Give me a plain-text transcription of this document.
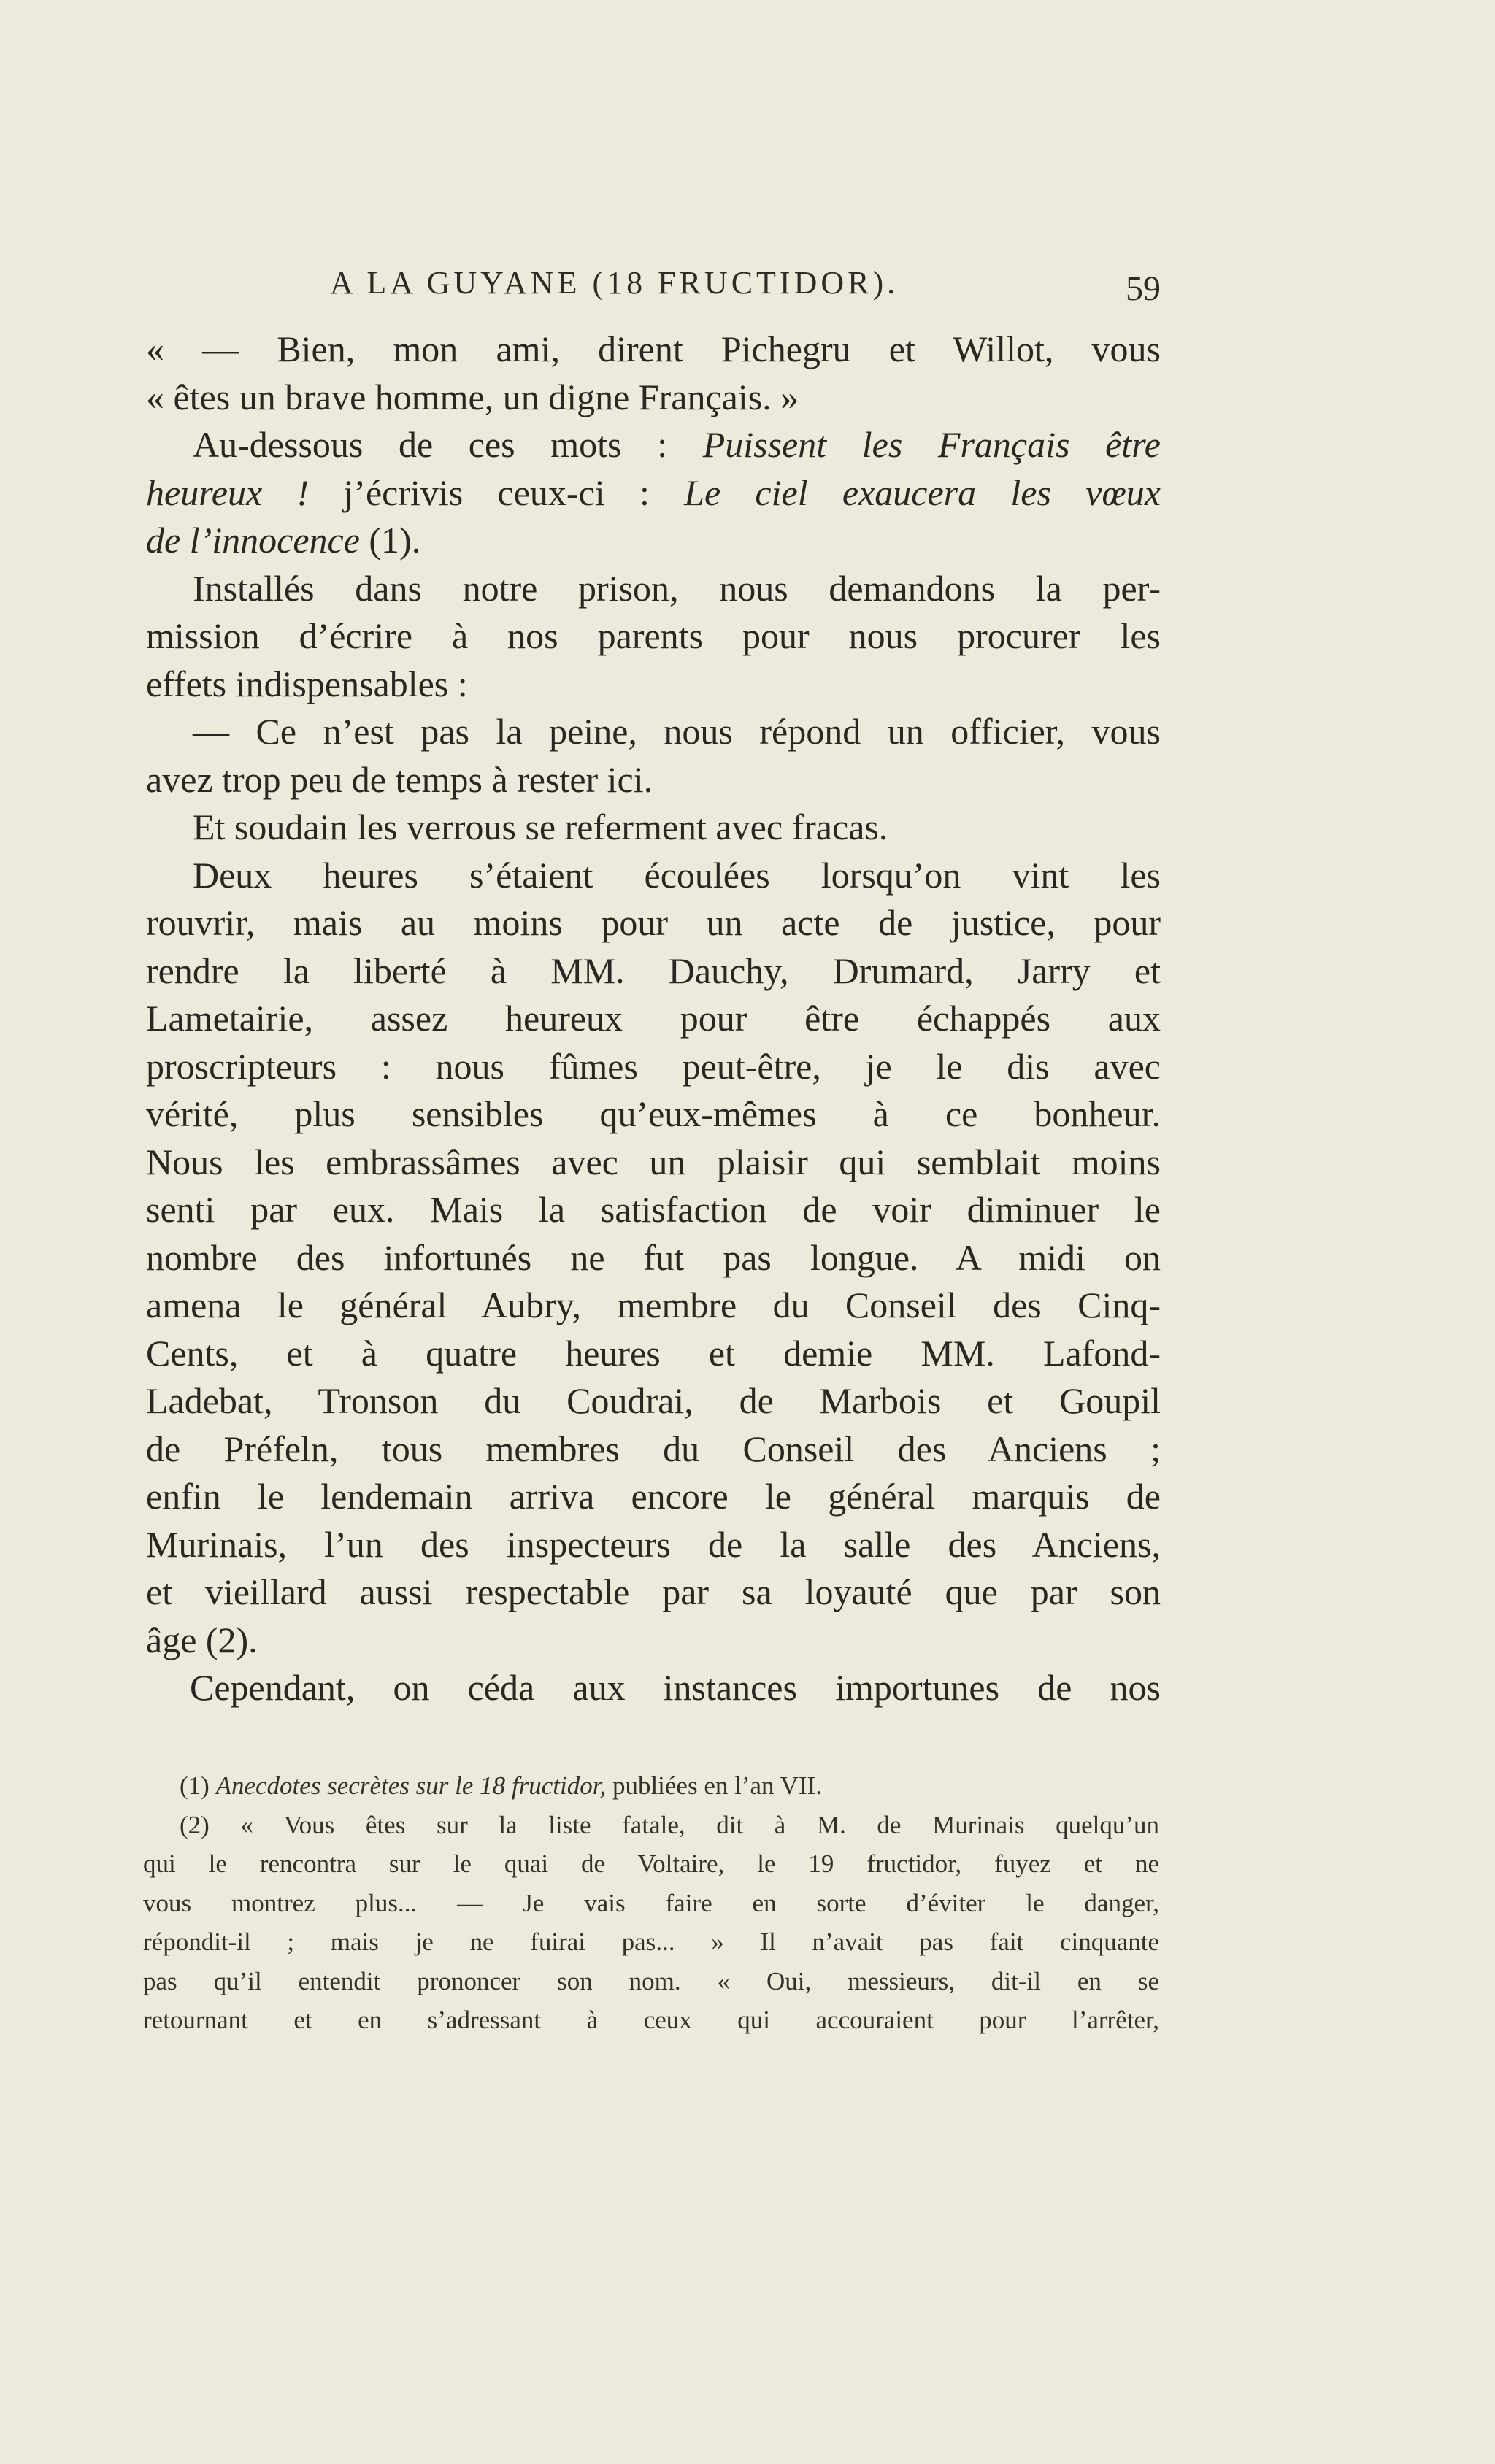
A LA GUYANE (18 FRUCTIDOR).	59
« — Bien, mon ami, dirent Pichegru et Willot, vous
« êtes un brave homme, un digne Français. »
Au-dessous de ces mots : Puissent les Français être
heureux ! j’écrivis ceux-ci : Le ciel exaucera les vœux
de l’innocence (1).
Installés dans notre prison, nous demandons la per-
mission d’écrire à nos parents pour nous procurer les
effets indispensables :
— Ce n’est pas la peine, nous répond un officier, vous
avez trop peu de temps à rester ici.
Et soudain les verrous se referment avec fracas.
Deux heures s’étaient écoulées lorsqu’on vint les
rouvrir, mais au moins pour un acte de justice, pour
rendre la liberté à MM. Dauchy, Drumard, Jarry et
Lametairie, assez heureux pour être échappés aux
proscripteurs : nous fûmes peut-être, je le dis avec
vérité, plus sensibles qu’eux-mêmes à ce bonheur.
Nous les embrassâmes avec un plaisir qui semblait moins
senti par eux. Mais la satisfaction de voir diminuer le
nombre des infortunés ne fut pas longue. A midi on
amena le général Aubry, membre du Conseil des Cinq-
Cents, et à quatre heures et demie MM. Lafond-
Ladebat, Tronson du Coudrai, de Marbois et Goupil
de Préfeln, tous membres du Conseil des Anciens ;
enfin le lendemain arriva encore le général marquis de
Murinais, l’un des inspecteurs de la salle des Anciens,
et vieillard aussi respectable par sa loyauté que par son
âge (2).
Cependant, on céda aux instances importunes de nos
(1) Anecdotes secrètes sur le 18 fructidor, publiées en l’an VII.
(2) « Vous êtes sur la liste fatale, dit à M. de Murinais quelqu’un
qui le rencontra sur le quai de Voltaire, le 19 fructidor, fuyez et ne
vous montrez plus... — Je vais faire en sorte d’éviter le danger,
répondit-il ; mais je ne fuirai pas... » Il n’avait pas fait cinquante
pas qu’il entendit prononcer son nom. « Oui, messieurs, dit-il en se
retournant et en s’adressant à ceux qui accouraient pour l’arrêter,
